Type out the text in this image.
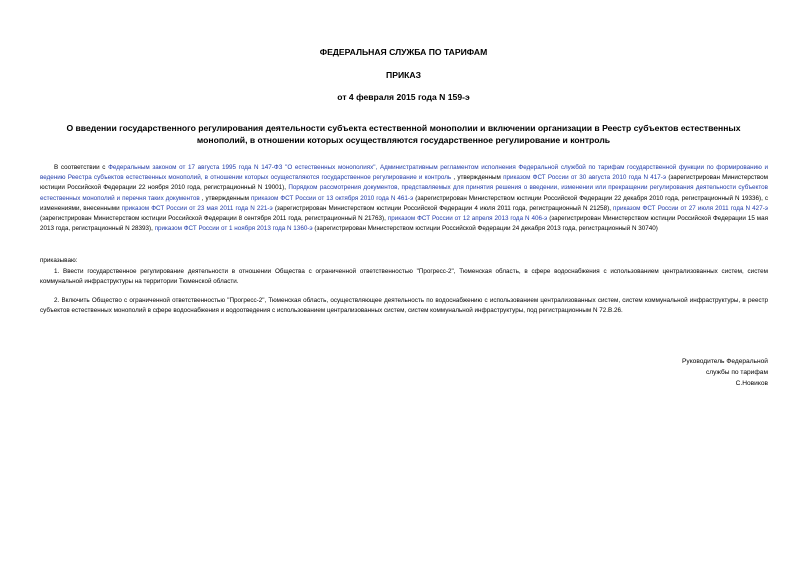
ФЕДЕРАЛЬНАЯ СЛУЖБА ПО ТАРИФАМ
ПРИКАЗ
от 4 февраля 2015 года N 159-э
О введении государственного регулирования деятельности субъекта естественной монополии и включении организации в Реестр субъектов естественных
монополий, в отношении которых осуществляются государственное регулирование и контроль
В соответствии с Федеральным законом от 17 августа 1995 года N 147-ФЗ "О естественных монополиях", Административным регламентом исполнения Федеральной службой по тарифам государственной функции по формированию и ведению Реестра субъектов естественных монополий, в отношении которых осуществляются государственное регулирование и контроль , утвержденным приказом ФСТ России от 30 августа 2010 года N 417-э (зарегистрирован Министерством юстиции Российской Федерации 22 ноября 2010 года, регистрационный N 19001), Порядком рассмотрения документов, представляемых для принятия решения о введении, изменении или прекращении регулирования деятельности субъектов естественных монополий и перечня таких документов , утвержденным приказом ФСТ России от 13 октября 2010 года N 461-э (зарегистрирован Министерством юстиции Российской Федерации 22 декабря 2010 года, регистрационный N 19336), с изменениями, внесенными приказом ФСТ России от 23 мая 2011 года N 221-э (зарегистрирован Министерством юстиции Российской Федерации 4 июля 2011 года, регистрационный N 21258), приказом ФСТ России от 27 июля 2011 года N 427-э (зарегистрирован Министерством юстиции Российской Федерации 8 сентября 2011 года, регистрационный N 21763), приказом ФСТ России от 12 апреля 2013 года N 406-э (зарегистрирован Министерством юстиции Российской Федерации 15 мая 2013 года, регистрационный N 28393), приказом ФСТ России от 1 ноября 2013 года N 1360-э (зарегистрирован Министерством юстиции Российской Федерации 24 декабря 2013 года, регистрационный N 30740)
приказываю:
1. Ввести государственное регулирование деятельности в отношении Общества с ограниченной ответственностью "Прогресс-2", Тюменская область, в сфере водоснабжения с использованием централизованных систем, систем коммунальной инфраструктуры на территории Тюменской области.
2. Включить Общество с ограниченной ответственностью "Прогресс-2", Тюменская область, осуществляющее деятельность по водоснабжению с использованием централизованных систем, систем коммунальной инфраструктуры, в реестр субъектов естественных монополий в сфере водоснабжения и водоотведения с использованием централизованных систем, систем коммунальной инфраструктуры, под регистрационным N 72.В.26.
Руководитель Федеральной
службы по тарифам
С.Новиков
